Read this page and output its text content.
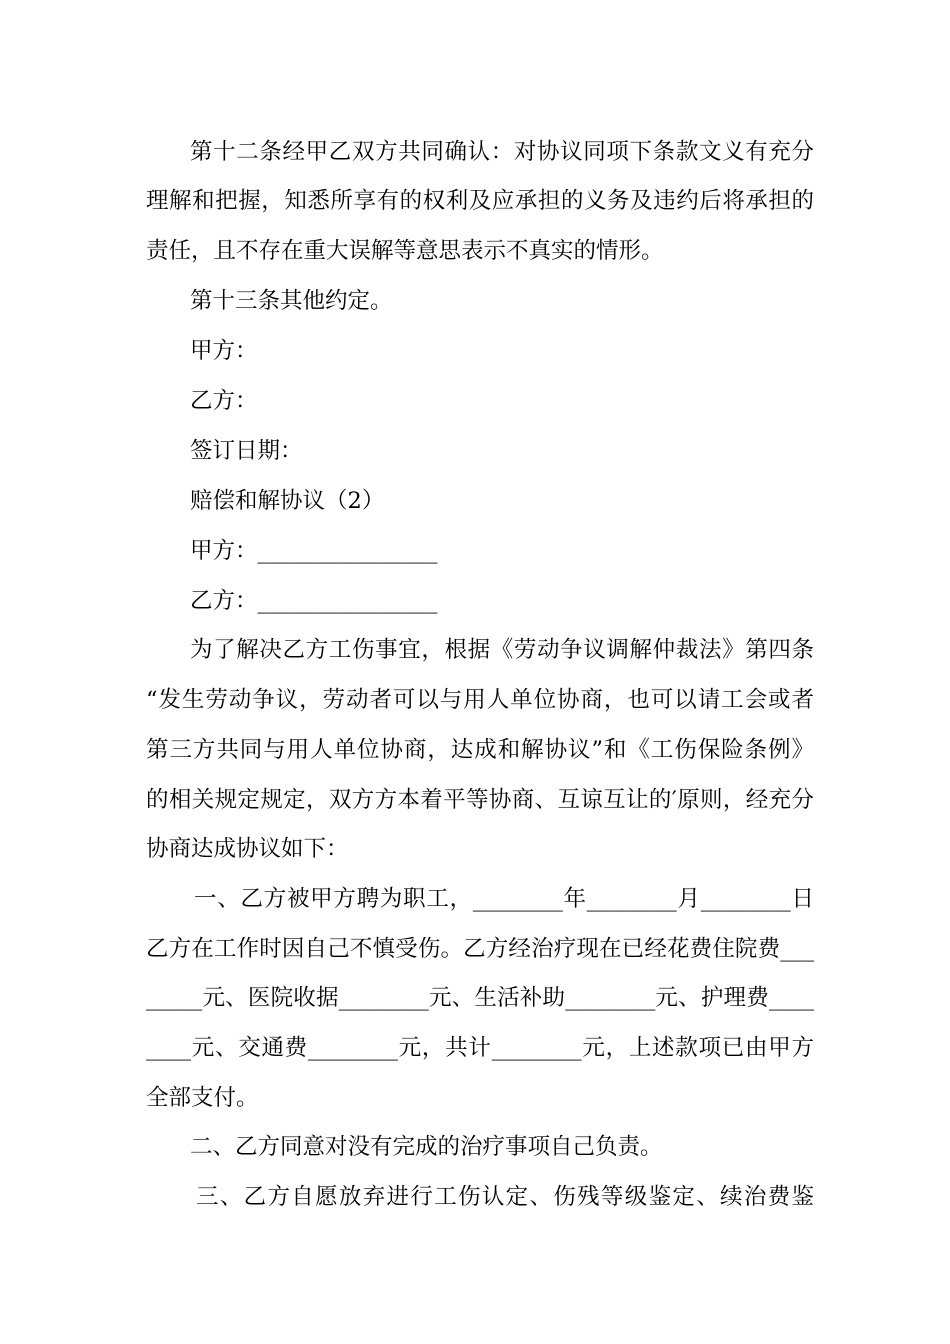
第十二条经甲乙双方共同确认：对协议同项下条款文义有充分
理解和把握，知悉所享有的权利及应承担的义务及违约后将承担的
责任，且不存在重大误解等意思表示不真实的情形。
第十三条其他约定。
甲方：
乙方：
签订日期：
赔偿和解协议（2）
甲方：________________
乙方：________________
为了解决乙方工伤事宜，根据《劳动争议调解仲裁法》第四条
“发生劳动争议，劳动者可以与用人单位协商，也可以请工会或者
第三方共同与用人单位协商，达成和解协议”和《工伤保险条例》
的相关规定规定，双方方本着平等协商、互谅互让的′原则，经充分
协商达成协议如下：
一、乙方被甲方聘为职工，________年________月________日
乙方在工作时因自己不慎受伤。乙方经治疗现在已经花费住院费___
_____元、医院收据________元、生活补助________元、护理费____
____元、交通费________元，共计________元，上述款项已由甲方
全部支付。
二、乙方同意对没有完成的治疗事项自己负责。
三、乙方自愿放弃进行工伤认定、伤残等级鉴定、续治费鉴
